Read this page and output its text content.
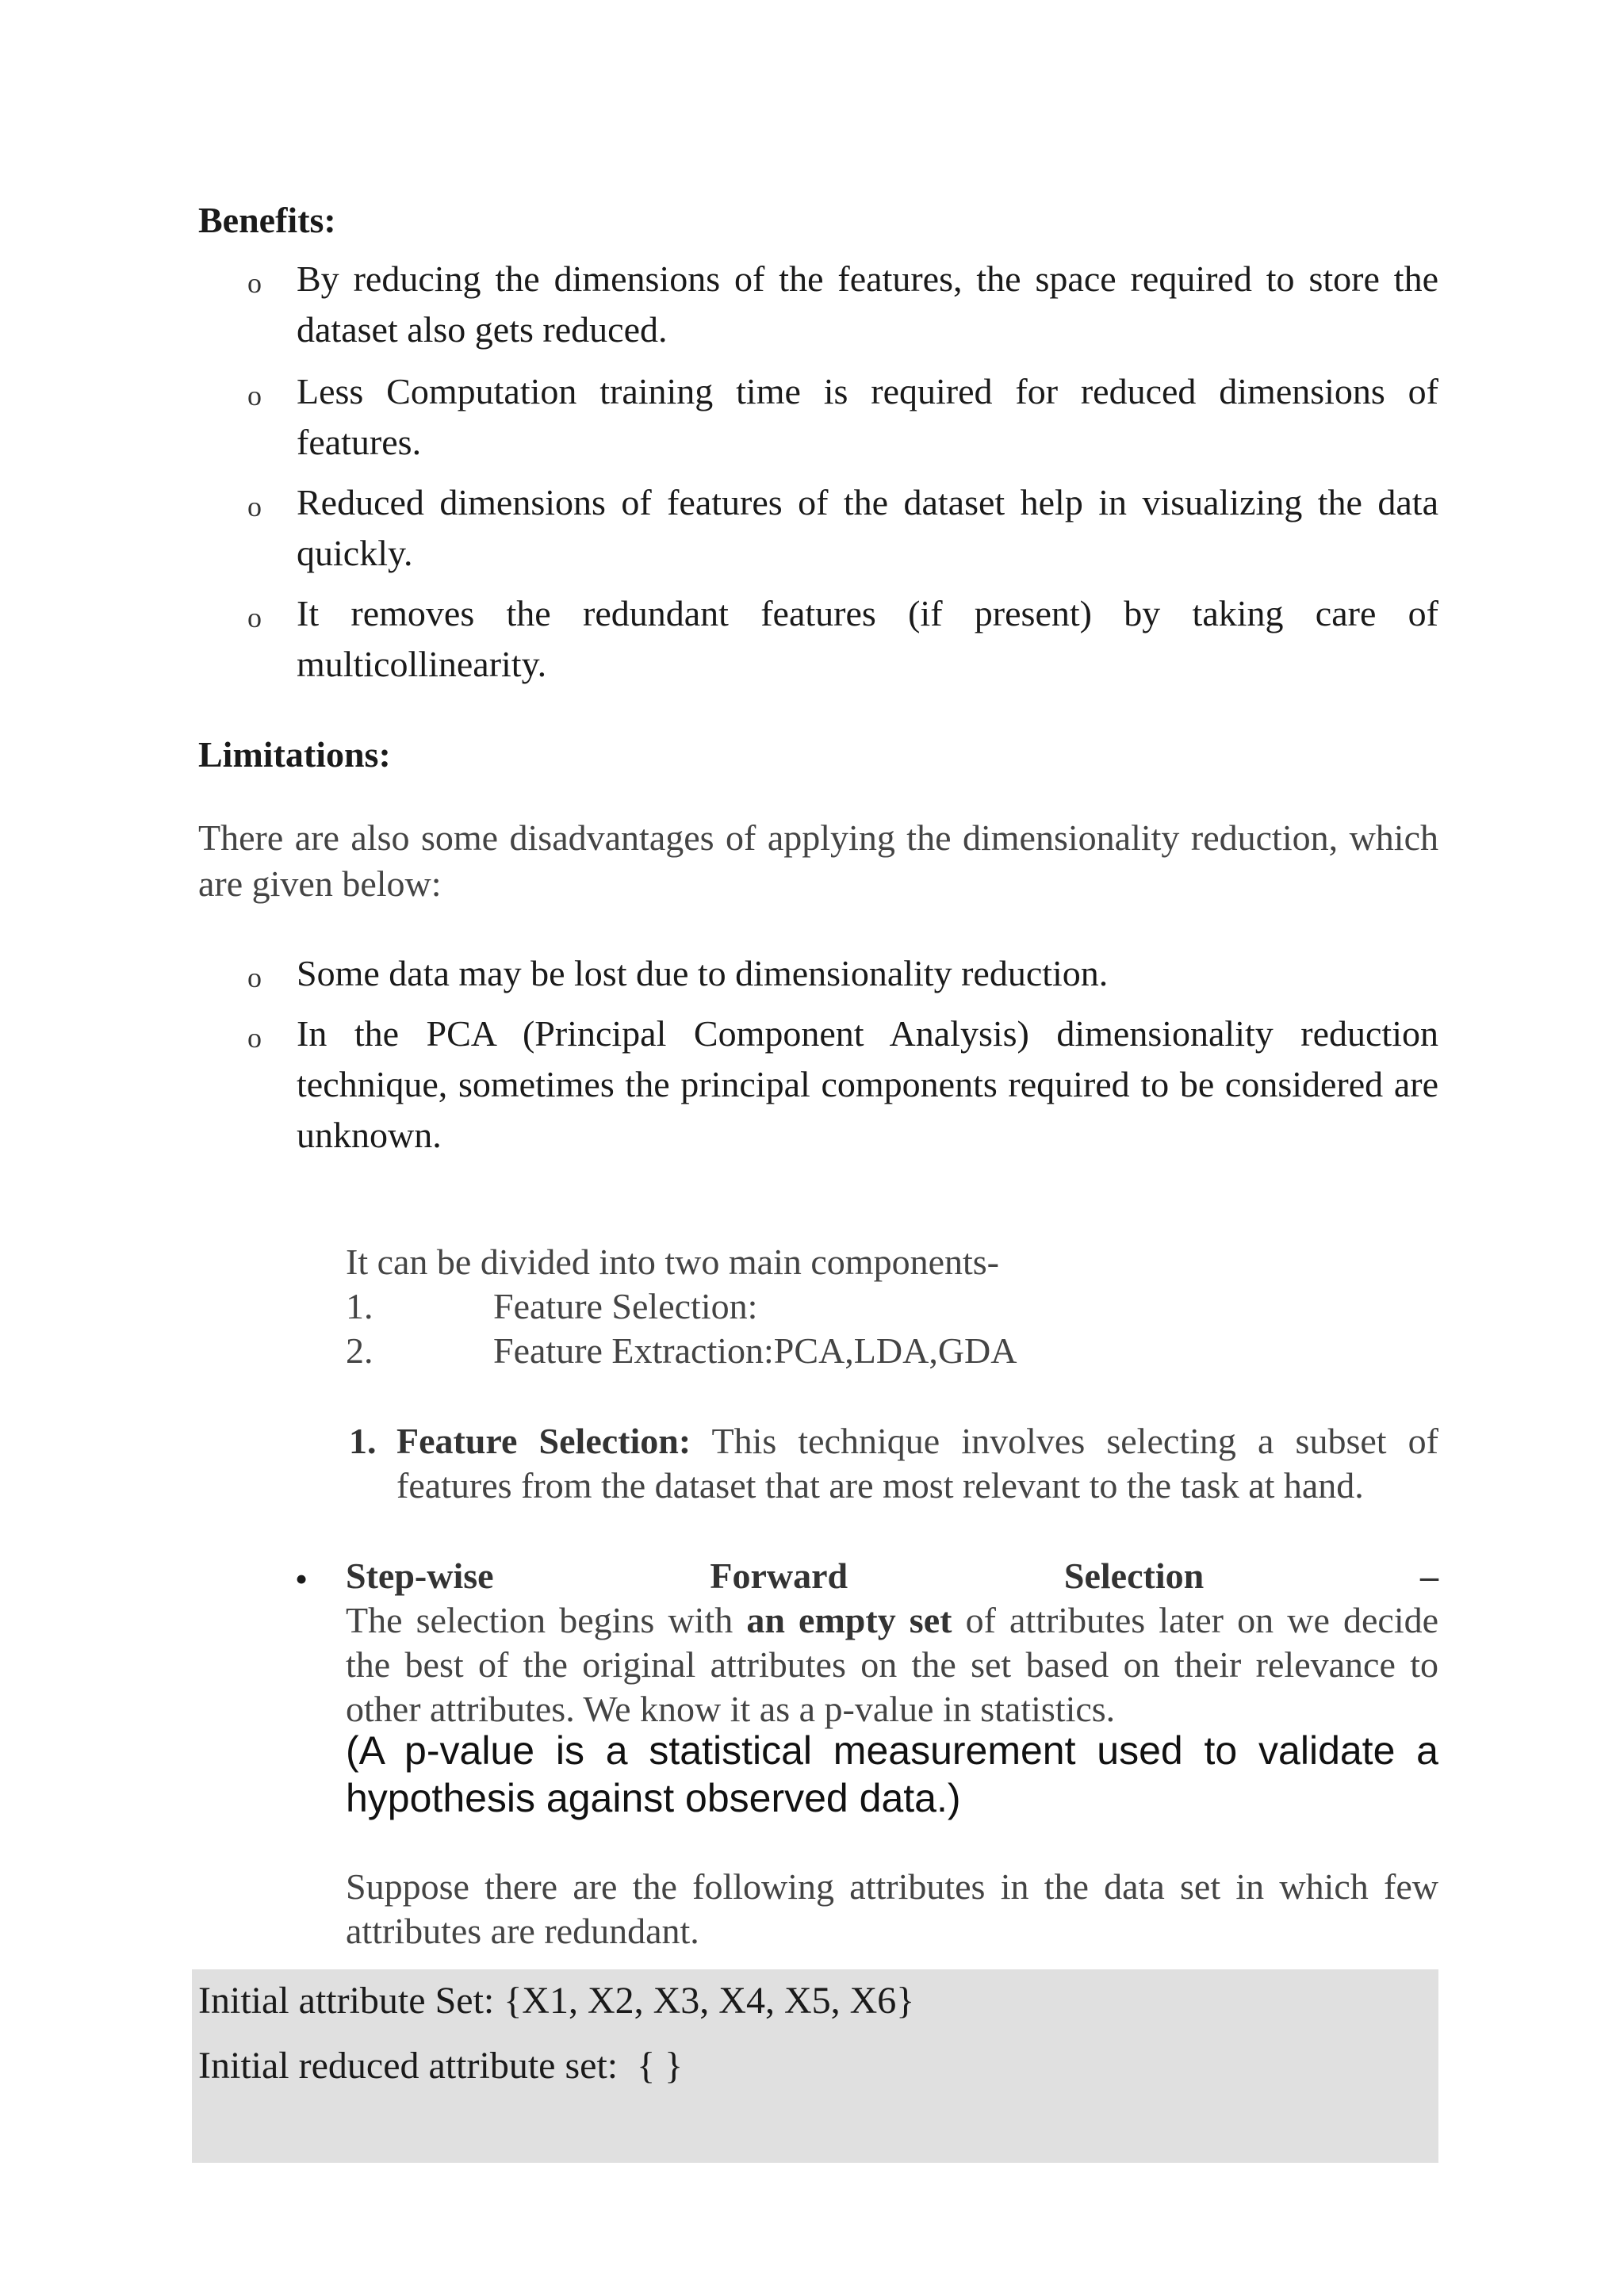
Benefits:
o By reducing the dimensions of the features, the space required to store the dataset also gets reduced.
o Less Computation training time is required for reduced dimensions of features.
o Reduced dimensions of features of the dataset help in visualizing the data quickly.
o It removes the redundant features (if present) by taking care of multicollinearity.
Limitations:
There are also some disadvantages of applying the dimensionality reduction, which are given below:
o Some data may be lost due to dimensionality reduction.
o In the PCA (Principal Component Analysis) dimensionality reduction technique, sometimes the principal components required to be considered are unknown.
It can be divided into two main components-
1.	Feature Selection:
2.	Feature Extraction:PCA,LDA,GDA
1. Feature Selection: This technique involves selecting a subset of features from the dataset that are most relevant to the task at hand.
• Step-wise	Forward	Selection	–
The selection begins with an empty set of attributes later on we decide the best of the original attributes on the set based on their relevance to other attributes. We know it as a p-value in statistics.
(A p-value is a statistical measurement used to validate a hypothesis against observed data.)
Suppose there are the following attributes in the data set in which few attributes are redundant.
Initial attribute Set: {X1, X2, X3, X4, X5, X6}
Initial reduced attribute set:  { }
